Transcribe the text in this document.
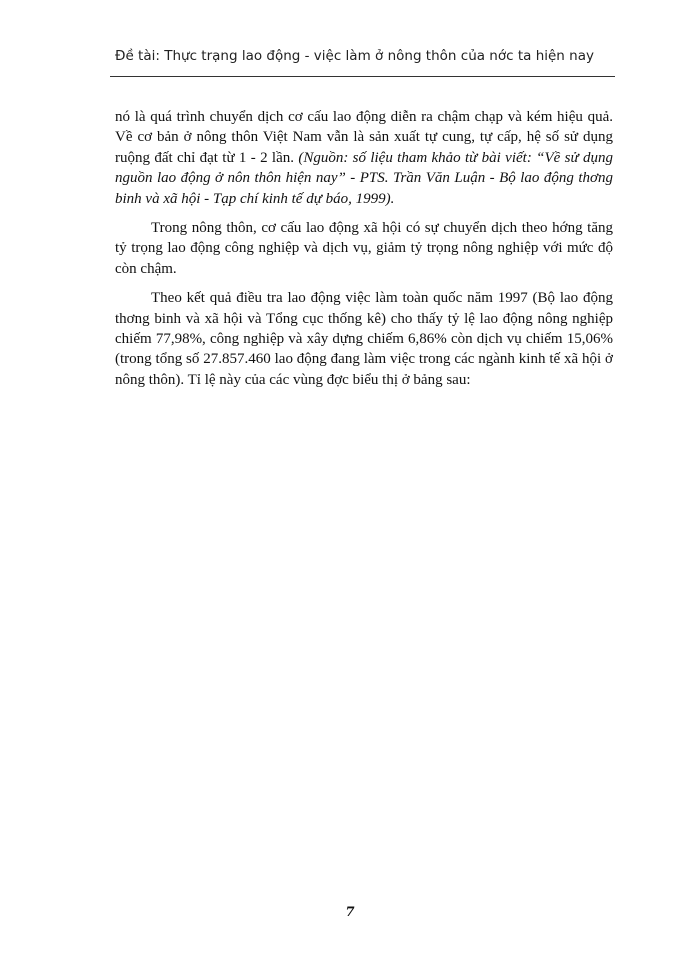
Đề tài: Thực trạng lao động - việc làm ở nông thôn của nớc ta hiện nay

nó là quá trình chuyển dịch cơ cấu lao động diễn ra chậm chạp và kém hiệu quả. Về cơ bản ở nông thôn Việt Nam vẫn là sản xuất tự cung, tự cấp, hệ số sử dụng ruộng đất chỉ đạt từ 1 - 2 lần. (Nguồn: số liệu tham khảo từ bài viết: “Về sử dụng nguồn lao động ở nôn thôn hiện nay” - PTS. Trần Văn Luận - Bộ lao động thơng binh và xã hội - Tạp chí kinh tế dự báo, 1999).

Trong nông thôn, cơ cấu lao động xã hội có sự chuyển dịch theo hớng tăng tỷ trọng lao động công nghiệp và dịch vụ, giảm tỷ trọng nông nghiệp với mức độ còn chậm.

Theo kết quả điều tra lao động việc làm toàn quốc năm 1997 (Bộ lao động thơng binh và xã hội và Tổng cục thống kê) cho thấy tỷ lệ lao động nông nghiệp chiếm 77,98%, công nghiệp và xây dựng chiếm 6,86% còn dịch vụ chiếm 15,06% (trong tổng số 27.857.460 lao động đang làm việc trong các ngành kinh tế xã hội ở nông thôn). Tỉ lệ này của các vùng đợc biểu thị ở bảng sau:

7
